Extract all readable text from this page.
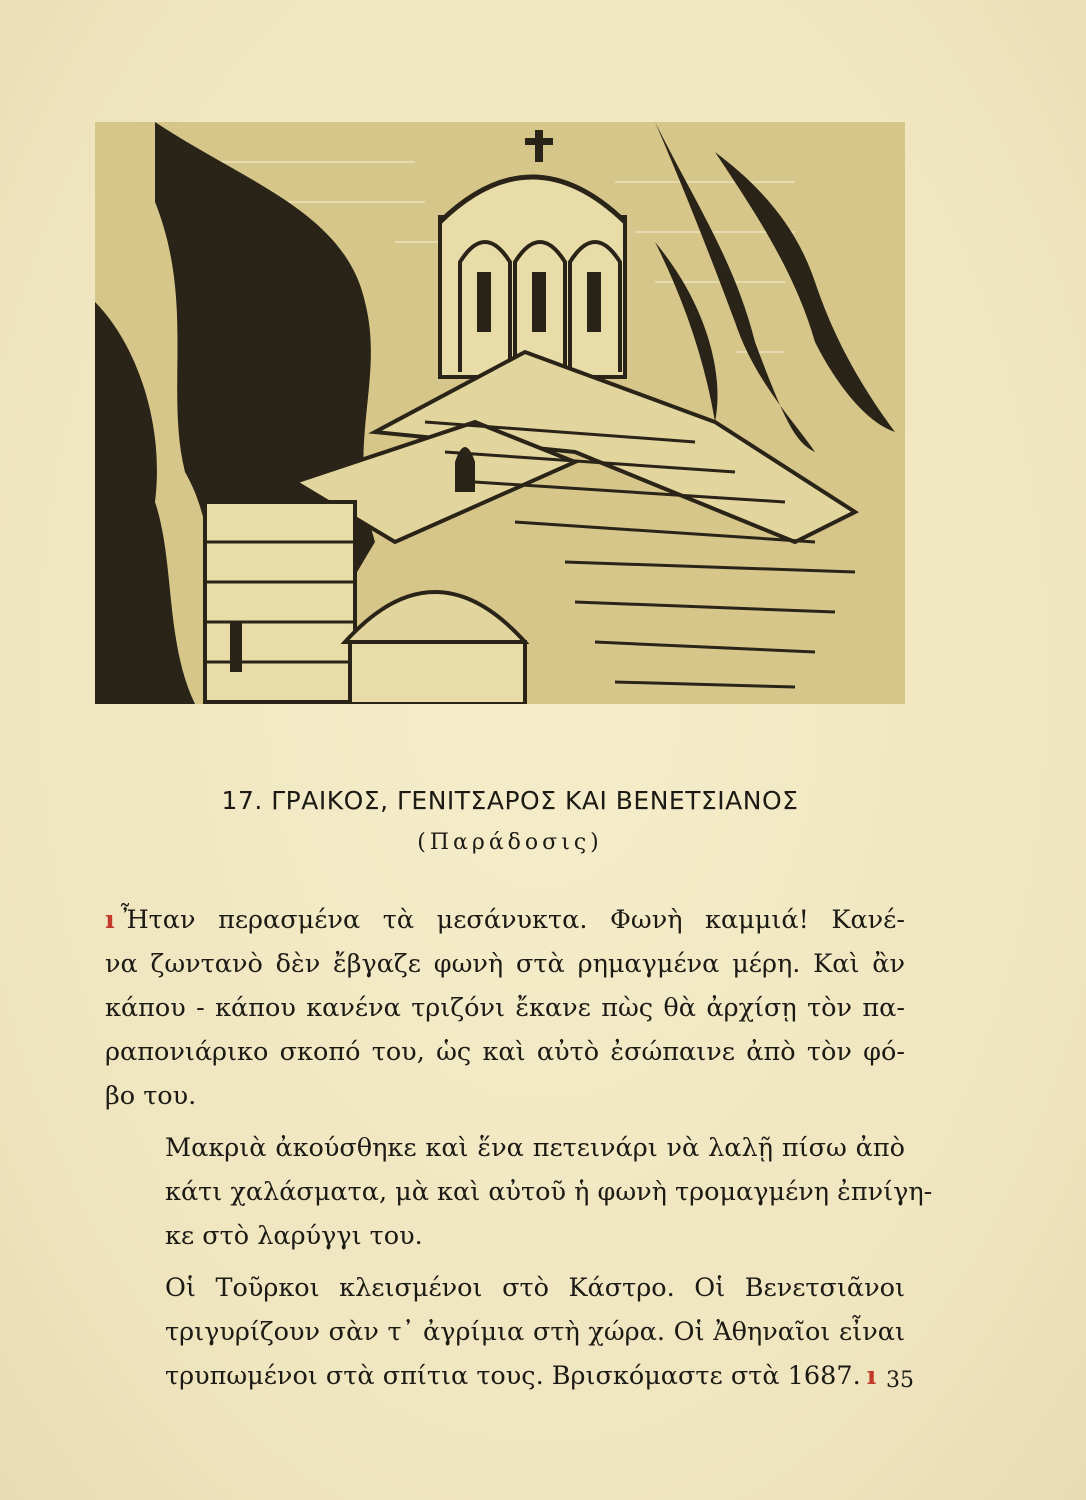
17. ΓΡΑΙΚΟΣ, ΓΕΝΙΤΣΑΡΟΣ ΚΑΙ ΒΕΝΕΤΣΙΑΝΟΣ
(Παράδοσις)

ı Ἦταν περασμένα τὰ μεσάνυκτα. Φωνὴ καμμιά! Κανέ-
να ζωντανὸ δὲν ἔβγαζε φωνὴ στὰ ρημαγμένα μέρη. Καὶ ἂν
κάπου - κάπου κανένα τριζόνι ἔκανε πὼς θὰ ἀρχίσῃ τὸν πα-
ραπονιάρικο σκοπό του, ὡς καὶ αὐτὸ ἐσώπαινε ἀπὸ τὸν φό-
βο του.

Μακριὰ ἀκούσθηκε καὶ ἕνα πετεινάρι νὰ λαλῇ πίσω ἀπὸ
κάτι χαλάσματα, μὰ καὶ αὐτοῦ ἡ φωνὴ τρομαγμένη ἐπνίγη-
κε στὸ λαρύγγι του.

Οἱ Τοῦρκοι κλεισμένοι στὸ Κάστρο. Οἱ Βενετσιᾶνοι
τριγυρίζουν σὰν τ᾽ ἀγρίμια στὴ χώρα. Οἱ Ἀθηναῖοι εἶναι
τρυπωμένοι στὰ σπίτια τους. Βρισκόμαστε στὰ 1687. ı 35
